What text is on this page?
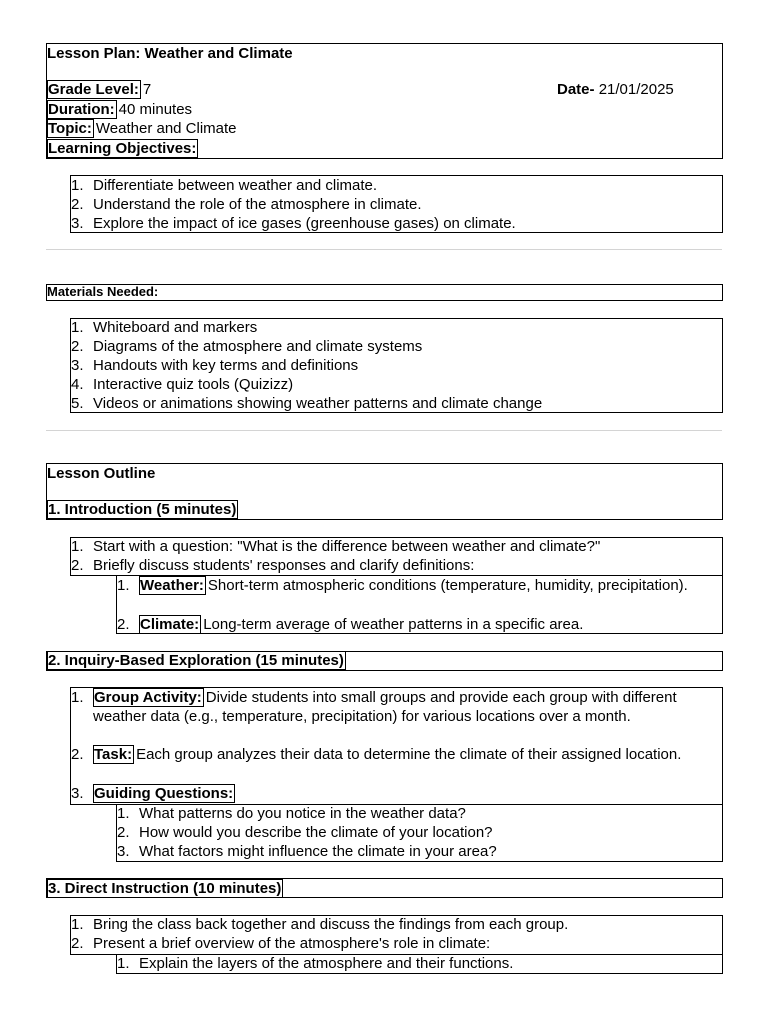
Lesson Plan: Weather and Climate
Grade Level: 7	Date- 21/01/2025
Duration: 40 minutes
Topic: Weather and Climate
Learning Objectives:
1. Differentiate between weather and climate.
2. Understand the role of the atmosphere in climate.
3. Explore the impact of ice gases (greenhouse gases) on climate.
Materials Needed:
1. Whiteboard and markers
2. Diagrams of the atmosphere and climate systems
3. Handouts with key terms and definitions
4. Interactive quiz tools (Quizizz)
5. Videos or animations showing weather patterns and climate change
Lesson Outline
1. Introduction (5 minutes)
1. Start with a question: "What is the difference between weather and climate?"
2. Briefly discuss students' responses and clarify definitions:
1. Weather: Short-term atmospheric conditions (temperature, humidity, precipitation).
2. Climate: Long-term average of weather patterns in a specific area.
2. Inquiry-Based Exploration (15 minutes)
1. Group Activity: Divide students into small groups and provide each group with different weather data (e.g., temperature, precipitation) for various locations over a month.
2. Task: Each group analyzes their data to determine the climate of their assigned location.
3. Guiding Questions:
1. What patterns do you notice in the weather data?
2. How would you describe the climate of your location?
3. What factors might influence the climate in your area?
3. Direct Instruction (10 minutes)
1. Bring the class back together and discuss the findings from each group.
2. Present a brief overview of the atmosphere's role in climate:
1. Explain the layers of the atmosphere and their functions.
